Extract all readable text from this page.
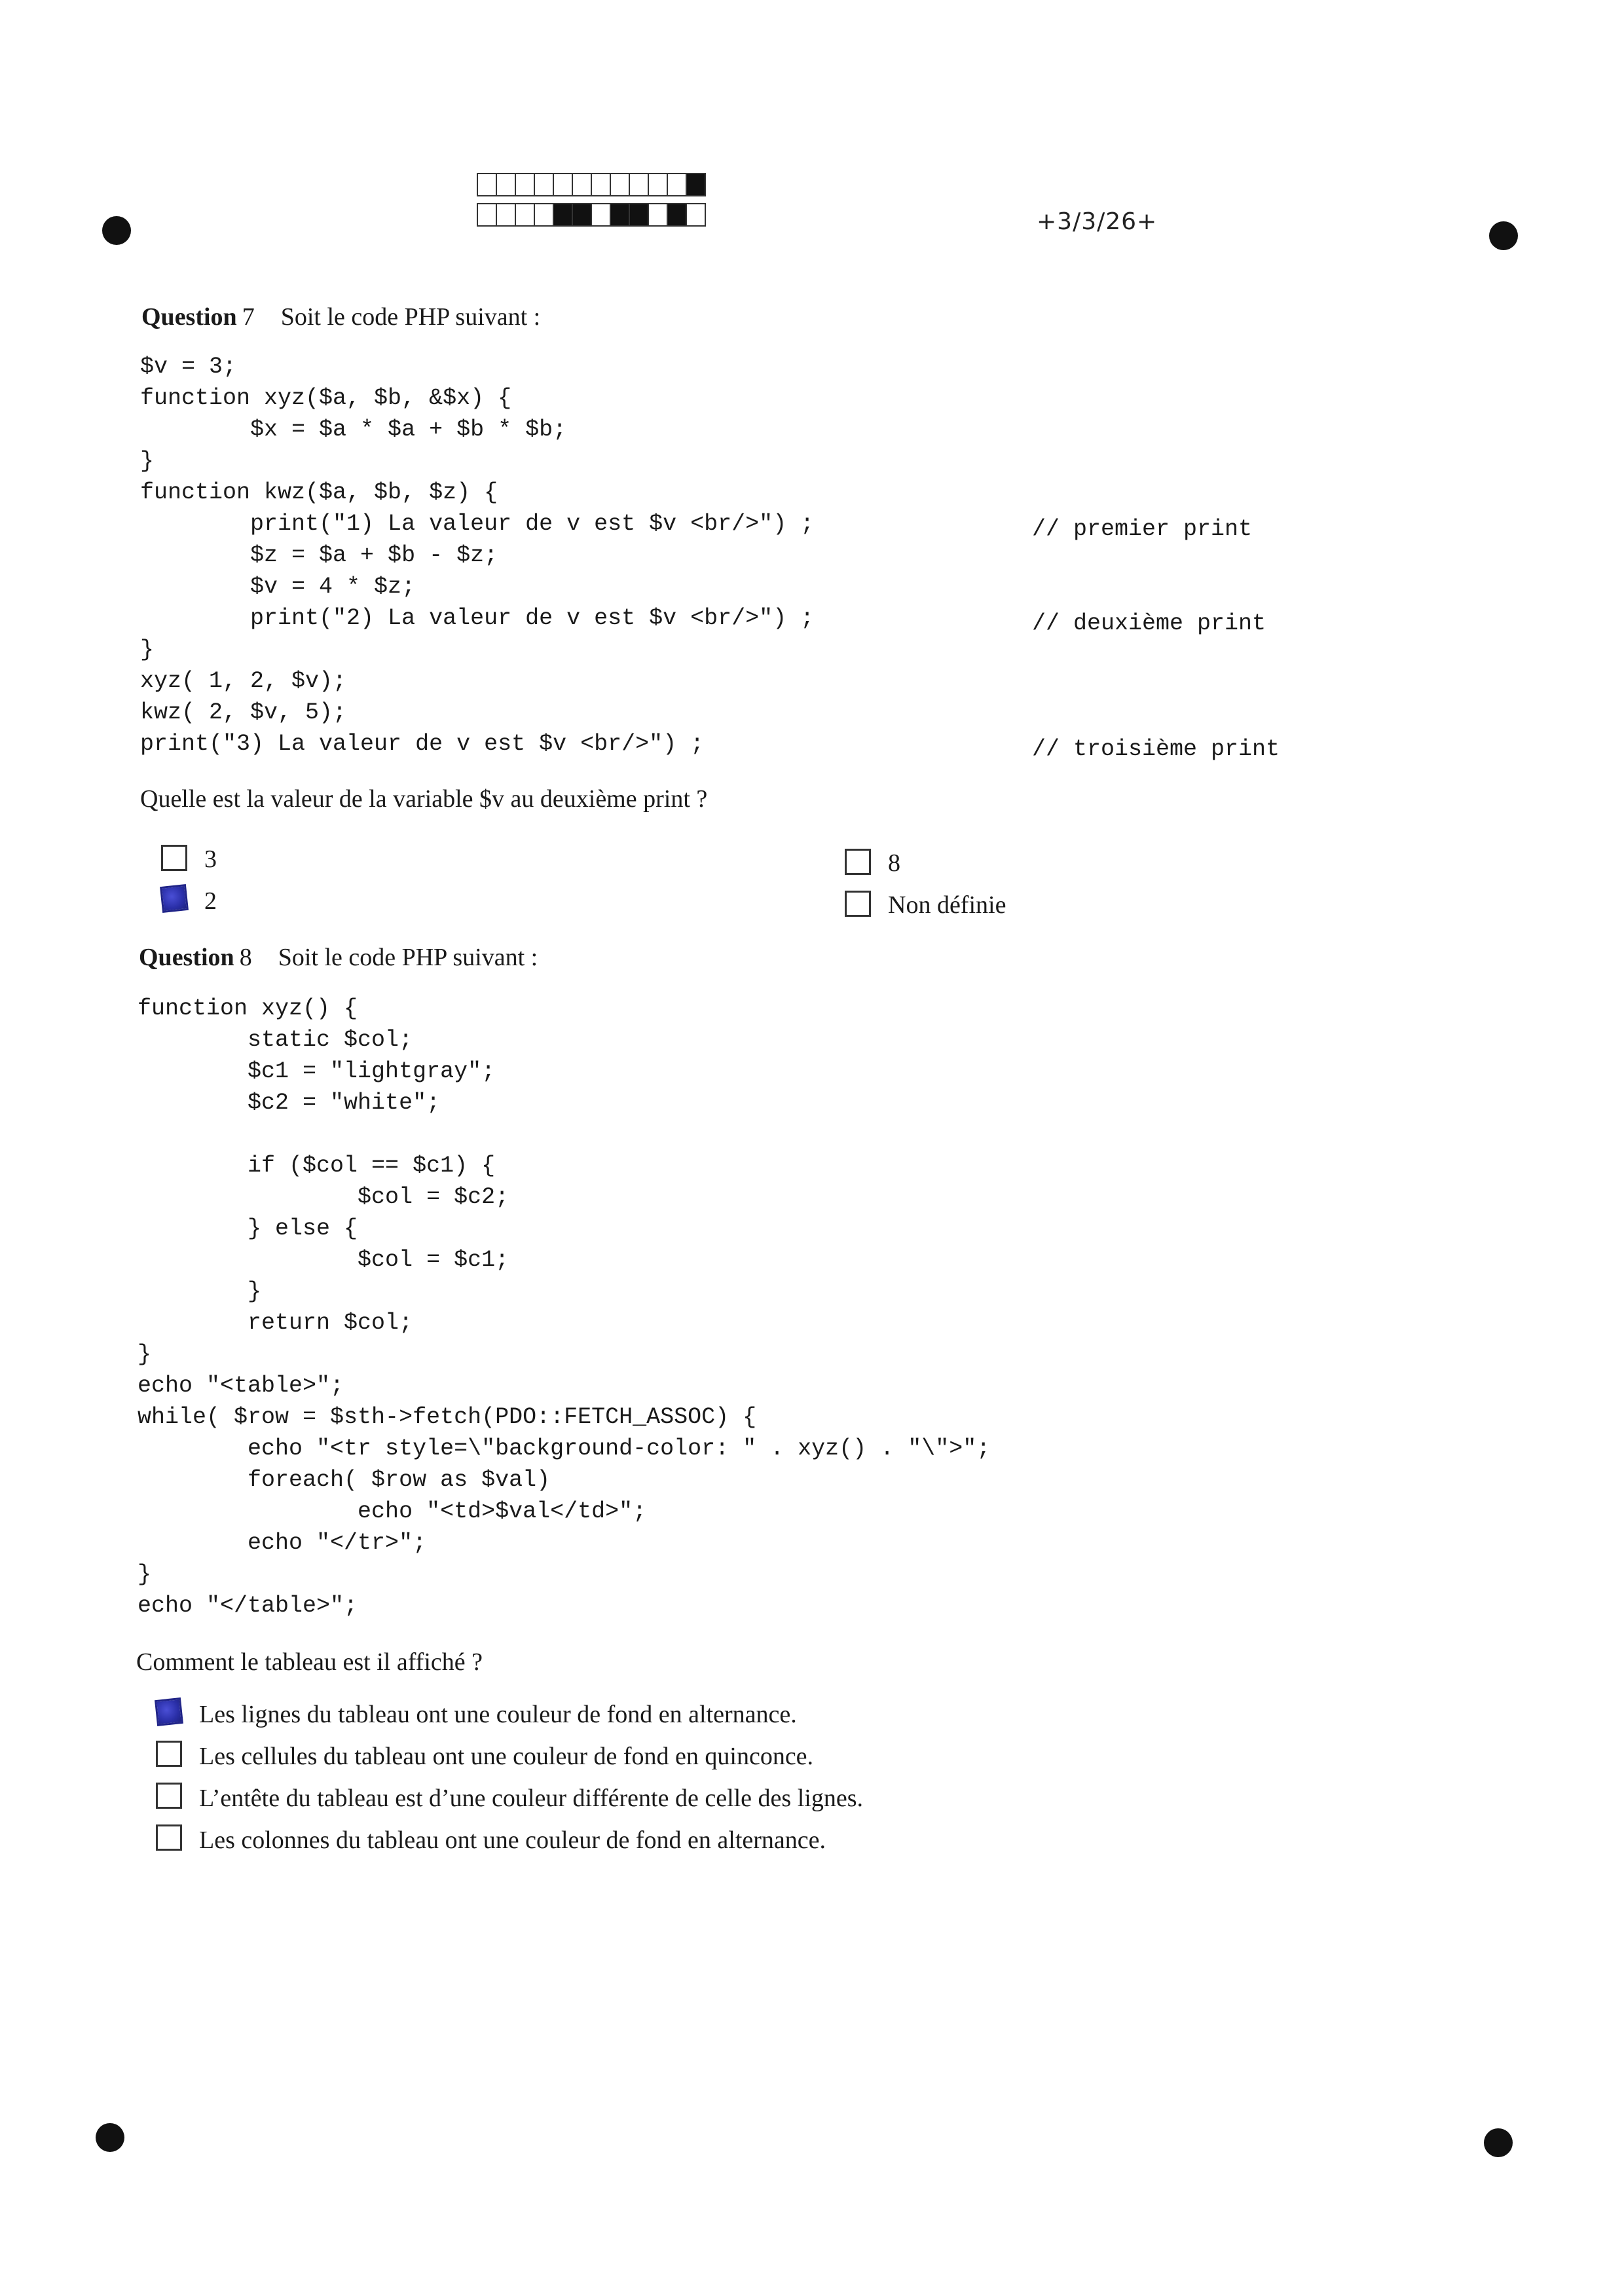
+3/3/26+
Question 7 Soit le code PHP suivant :
$v = 3;
function xyz($a, $b, &$x) {
$x = $a * $a + $b * $b;
}
function kwz($a, $b, $z) {
print("1) La valeur de v est $v <br/>") ;
$z = $a + $b - $z;
$v = 4 * $z;
print("2) La valeur de v est $v <br/>") ;
}
xyz( 1, 2, $v);
kwz( 2, $v, 5);
print("3) La valeur de v est $v <br/>") ;
// premier print
// deuxième print
// troisième print
Quelle est la valeur de la variable $v au deuxième print ?
3
2
8
Non définie
Question 8 Soit le code PHP suivant :
function xyz() {
static $col;
$c1 = "lightgray";
$c2 = "white";

if ($col == $c1) {
$col = $c2;
} else {
$col = $c1;
}
return $col;
}
echo "<table>";
while( $row = $sth->fetch(PDO::FETCH_ASSOC) {
echo "<tr style=\"background-color: " . xyz() . "\">";
foreach( $row as $val)
echo "<td>$val</td>";
echo "</tr>";
}
echo "</table>";
Comment le tableau est il affiché ?
Les lignes du tableau ont une couleur de fond en alternance.
Les cellules du tableau ont une couleur de fond en quinconce.
L’entête du tableau est d’une couleur différente de celle des lignes.
Les colonnes du tableau ont une couleur de fond en alternance.
